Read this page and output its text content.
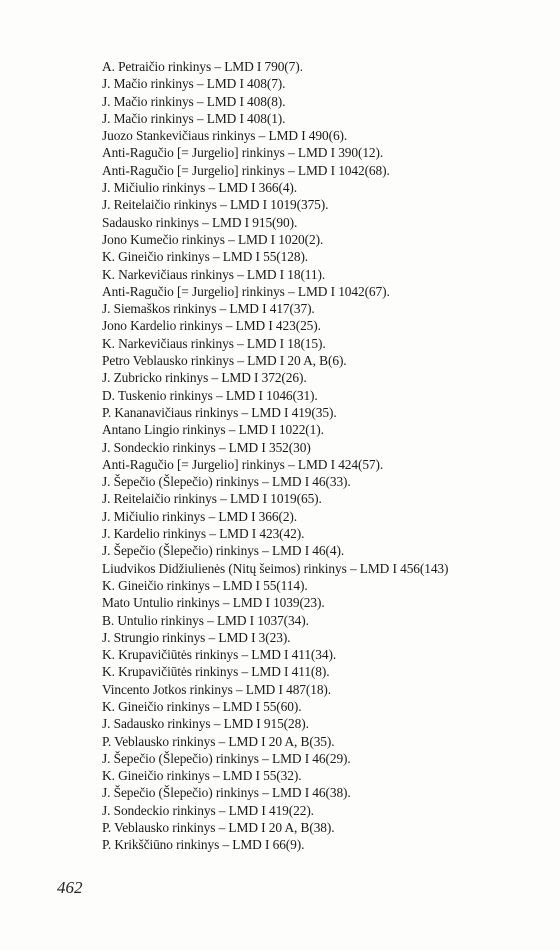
A. Petraičio rinkinys – LMD I 790(7).
J. Mačio rinkinys – LMD I 408(7).
J. Mačio rinkinys – LMD I 408(8).
J. Mačio rinkinys – LMD I 408(1).
Juozo Stankevičiaus rinkinys – LMD I 490(6).
Anti-Ragučio [= Jurgelio] rinkinys – LMD I 390(12).
Anti-Ragučio [= Jurgelio] rinkinys – LMD I 1042(68).
J. Mičiulio rinkinys – LMD I 366(4).
J. Reitelaičio rinkinys – LMD I 1019(375).
Sadausko rinkinys – LMD I 915(90).
Jono Kumečio rinkinys – LMD I 1020(2).
K. Gineičio rinkinys – LMD I 55(128).
K. Narkevičiaus rinkinys – LMD I 18(11).
Anti-Ragučio [= Jurgelio] rinkinys – LMD I 1042(67).
J. Siemaškos rinkinys – LMD I 417(37).
Jono Kardelio rinkinys – LMD I 423(25).
K. Narkevičiaus rinkinys – LMD I 18(15).
Petro Veblausko rinkinys – LMD I 20 A, B(6).
J. Zubricko rinkinys – LMD I 372(26).
D. Tuskenio rinkinys – LMD I 1046(31).
P. Kananavičiaus rinkinys – LMD I 419(35).
Antano Lingio rinkinys – LMD I 1022(1).
J. Sondeckio rinkinys – LMD I 352(30)
Anti-Ragučio [= Jurgelio] rinkinys – LMD I 424(57).
J. Šepečio (Šlepečio) rinkinys – LMD I 46(33).
J. Reitelaičio rinkinys – LMD I 1019(65).
J. Mičiulio rinkinys – LMD I 366(2).
J. Kardelio rinkinys – LMD I 423(42).
J. Šepečio (Šlepečio) rinkinys – LMD I 46(4).
Liudvikos Didžiulienės (Nitų šeimos) rinkinys – LMD I 456(143)
K. Gineičio rinkinys – LMD I 55(114).
Mato Untulio rinkinys – LMD I 1039(23).
B. Untulio rinkinys – LMD I 1037(34).
J. Strungio rinkinys – LMD I 3(23).
K. Krupavičiūtės rinkinys – LMD I 411(34).
K. Krupavičiūtės rinkinys – LMD I 411(8).
Vincento Jotkos rinkinys – LMD I 487(18).
K. Gineičio rinkinys – LMD I 55(60).
J. Sadausko rinkinys – LMD I 915(28).
P. Veblausko rinkinys – LMD I 20 A, B(35).
J. Šepečio (Šlepečio) rinkinys – LMD I 46(29).
K. Gineičio rinkinys – LMD I 55(32).
J. Šepečio (Šlepečio) rinkinys – LMD I 46(38).
J. Sondeckio rinkinys – LMD I 419(22).
P. Veblausko rinkinys – LMD I 20 A, B(38).
P. Krikščiūno rinkinys – LMD I 66(9).
462
